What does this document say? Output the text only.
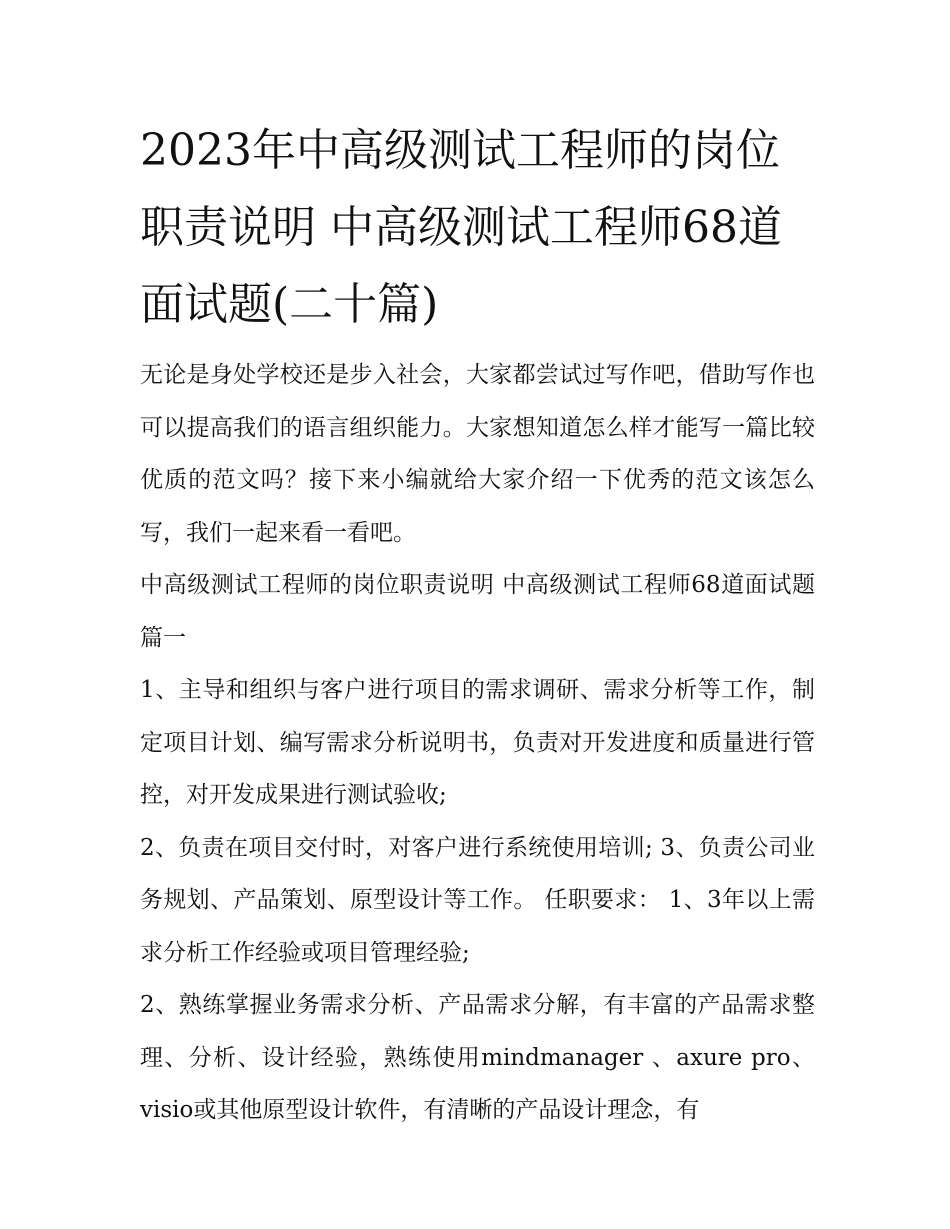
2023年中高级测试工程师的岗位职责说明 中高级测试工程师68道面试题(二十篇)

无论是身处学校还是步入社会，大家都尝试过写作吧，借助写作也可以提高我们的语言组织能力。大家想知道怎么样才能写一篇比较优质的范文吗？接下来小编就给大家介绍一下优秀的范文该怎么写，我们一起来看一看吧。

中高级测试工程师的岗位职责说明 中高级测试工程师68道面试题篇一

1、主导和组织与客户进行项目的需求调研、需求分析等工作，制定项目计划、编写需求分析说明书，负责对开发进度和质量进行管控，对开发成果进行测试验收;

2、负责在项目交付时，对客户进行系统使用培训; 3、负责公司业务规划、产品策划、原型设计等工作。 任职要求： 1、3年以上需求分析工作经验或项目管理经验;

2、熟练掌握业务需求分析、产品需求分解，有丰富的产品需求整理、分析、设计经验，熟练使用mindmanager 、axure pro、visio或其他原型设计软件，有清晰的产品设计理念，有
